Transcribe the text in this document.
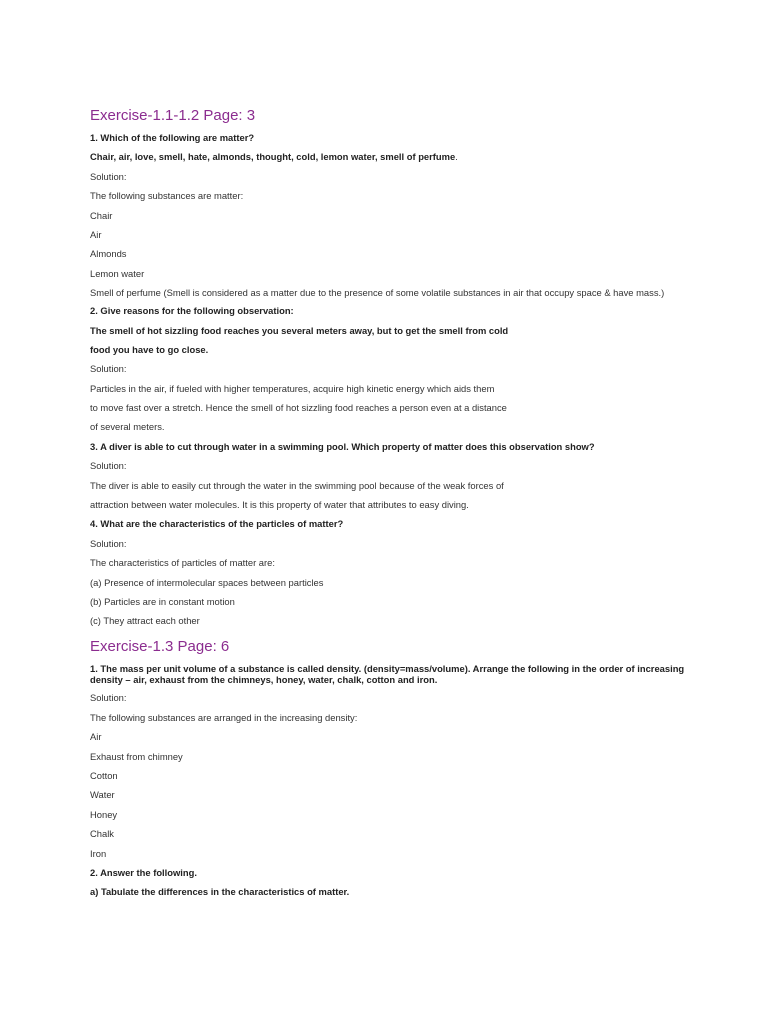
Exercise-1.1-1.2 Page: 3
1. Which of the following are matter?
Chair, air, love, smell, hate, almonds, thought, cold, lemon water, smell of perfume.
Solution:
The following substances are matter:
Chair
Air
Almonds
Lemon water
Smell of perfume (Smell is considered as a matter due to the presence of some volatile substances in air that occupy space & have mass.)
2. Give reasons for the following observation:
The smell of hot sizzling food reaches you several meters away, but to get the smell from cold
food you have to go close.
Solution:
Particles in the air, if fueled with higher temperatures, acquire high kinetic energy which aids them
to move fast over a stretch. Hence the smell of hot sizzling food reaches a person even at a distance
of several meters.
3. A diver is able to cut through water in a swimming pool. Which property of matter does this observation show?
Solution:
The diver is able to easily cut through the water in the swimming pool because of the weak forces of
attraction between water molecules. It is this property of water that attributes to easy diving.
4. What are the characteristics of the particles of matter?
Solution:
The characteristics of particles of matter are:
(a) Presence of intermolecular spaces between particles
(b) Particles are in constant motion
(c) They attract each other
Exercise-1.3 Page: 6
1. The mass per unit volume of a substance is called density. (density=mass/volume). Arrange the following in the order of increasing density – air, exhaust from the chimneys, honey, water, chalk, cotton and iron.
Solution:
The following substances are arranged in the increasing density:
Air
Exhaust from chimney
Cotton
Water
Honey
Chalk
Iron
2. Answer the following.
a) Tabulate the differences in the characteristics of matter.
